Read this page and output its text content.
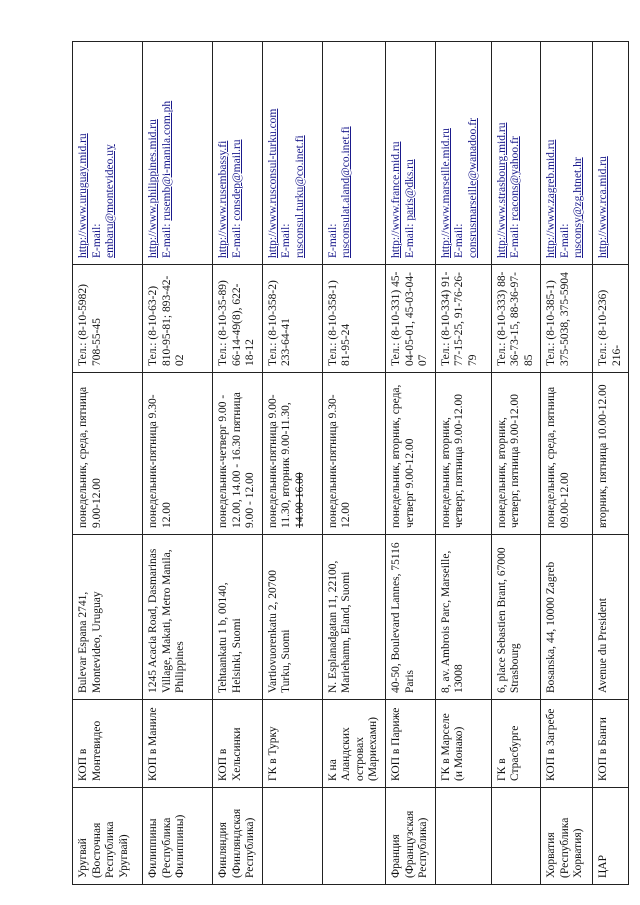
Уругвай (Восточная Республика Уругвай)	КОП в Монтевидео	Bulevar Espana 2741, Montevideo, Uruguay	понедельник, среда, пятница 9.00-12.00	Тел.: (8-10-5982) 708-55-45	http://www.uruguay.mid.ru E-mail: embaru@montevideo.uy
Филиппины (Республика Филиппины)	КОП в Маниле	1245 Acacia Road, Dasmarinas Village, Makati, Metro Manila, Philippines	понедельник-пятница 9.30-12.00	Тел.: (8-10-63-2) 810-95-81; 893-42-02	http://www.philippines.mid.ru E-mail: rusemb@i-manila.com.ph
Финляндия (Финляндская Республика)	КОП в Хельсинки	Tehtaankatu 1 b, 00140, Helsinki, Suomi	понедельник-четверг 9.00 - 12.00, 14.00 - 16.30 пятница 9.00 - 12.00	Тел.: (8-10-35-89) 66-14-49(8), 622-18-12	http://www.rusembassy.fi E-mail: consdep@mail.ru
	ГК в Турку	Vartiovuorenkatu 2, 20700 Turku, Suomi	понедельник-пятница 9.00-11.30, вторник 9.00-11.30, 14.00-16.00	Тел.: (8-10-358-2) 233-64-41	http://www.rusconsul-turku.com E-mail: rusconsul.turku@co.inet.fi
	К на Аландских островах (Мариехамн)	N. Esplanadgatan 11, 22100, Mariehamn, Eland, Suomi	понедельник-пятница 9.30-12.00	Тел.: (8-10-358-1) 81-95-24	E-mail: rusconsulat.aland@co.inet.fi
Франция (Французская Республика)	КОП в Париже	40-50, Boulevard Lannes, 75116 Paris	понедельник, вторник, среда, четверг 9.00-12.00	Тел.: (8-10-331) 45-04-05-01, 45-03-04-07	http://www.france.mid.ru E-mail: paris@dks.ru
	ГК в Марселе (и Монако)	8, av. Ambrois Parc, Marseille, 13008	понедельник, вторник, четверг, пятница 9.00-12.00	Тел.: (8-10-334) 91-77-15-25, 91-76-26-79	http://www.marseille.mid.ru E-mail: consrusmarseille@wanadoo.fr
	ГК в Страсбурге	6, place Sebastien Brant, 67000 Strasbourg	понедельник, вторник, четверг, пятница 9.00-12.00	Тел.: (8-10-333) 88-36-73-15, 88-36-97-85	http://www.strasbourg.mid.ru E-mail: rcacons@yahoo.fr
Хорватия (Республика Хорватия)	КОП в Загребе	Bosanska, 44, 10000 Zagreb	понедельник, среда, пятница 09.00-12.00	Тел.: (8-10-385-1) 375-5038, 375-5904	http://www.zagreb.mid.ru E-mail: rusconsy@zg.htnet.hr
ЦАР	КОП в Банги	Avenue du President	вторник, пятница 10.00-12.00	Тел.: (8-10-236) 216-	http://www.rca.mid.ru
